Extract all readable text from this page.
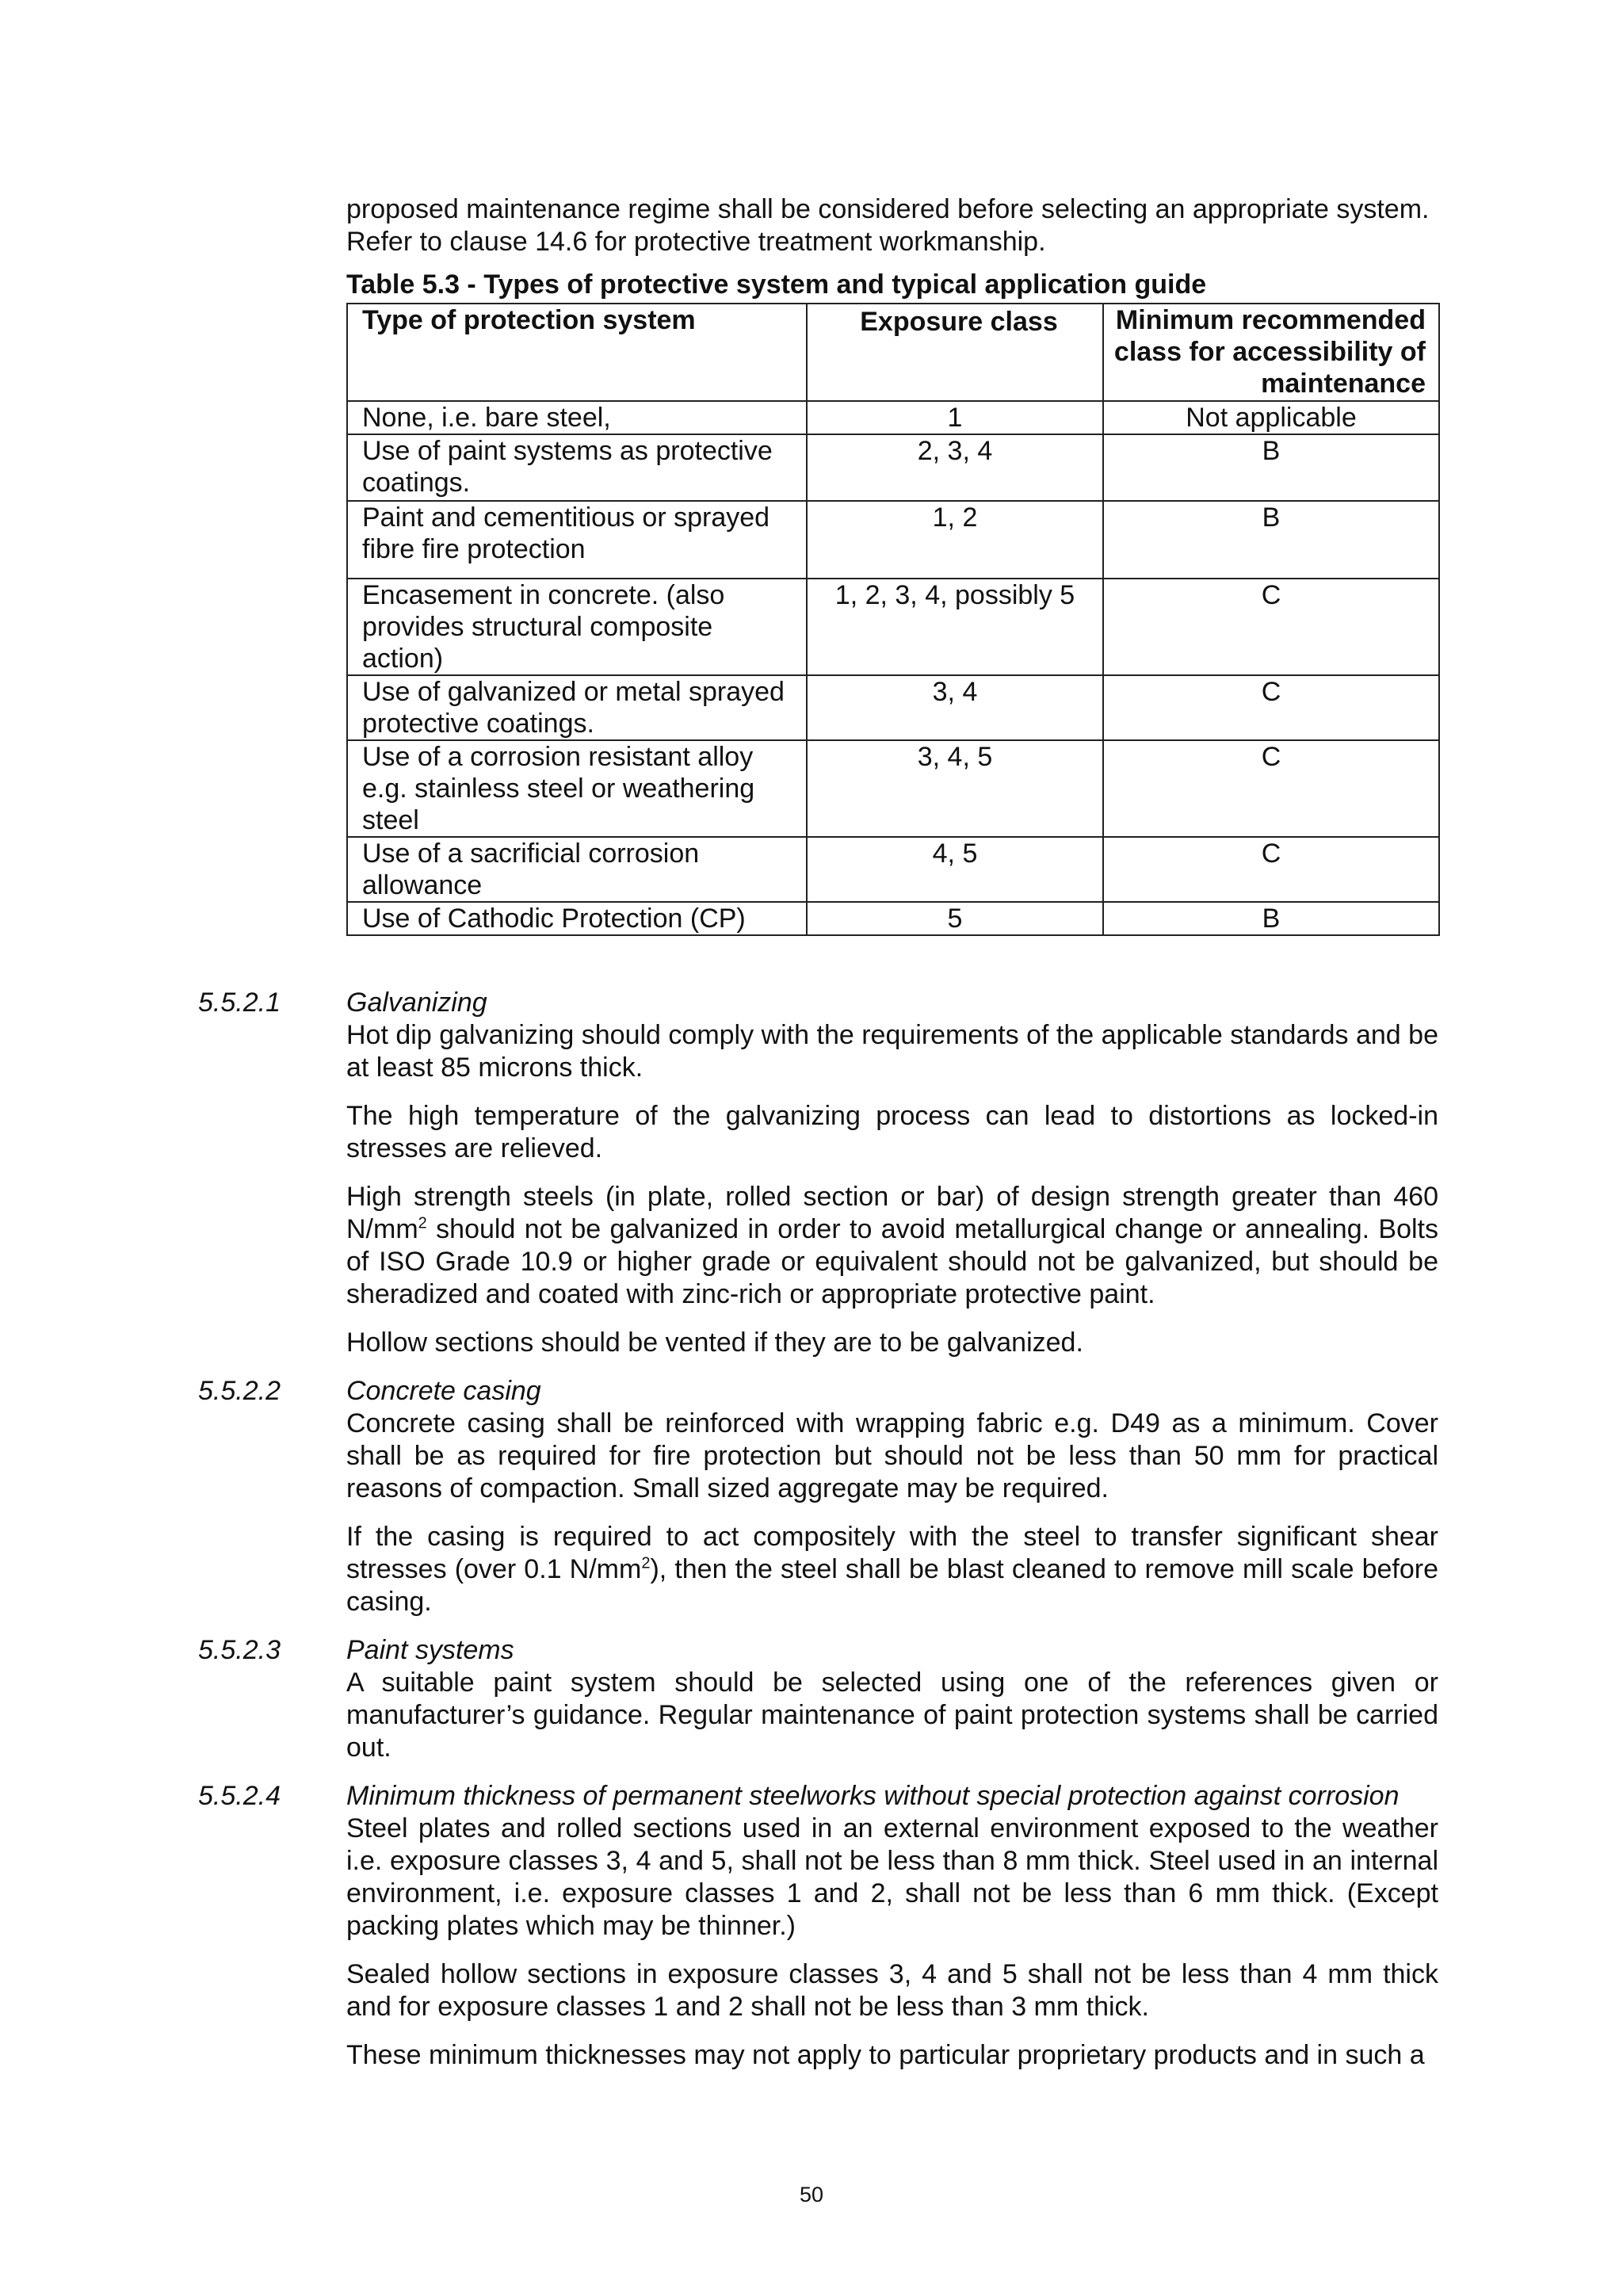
proposed maintenance regime shall be considered before selecting an appropriate system.
Refer to clause 14.6 for protective treatment workmanship.

Table 5.3 - Types of protective system and typical application guide
Type of protection system	Exposure class	Minimum recommended class for accessibility of maintenance
None, i.e. bare steel,	1	Not applicable
Use of paint systems as protective coatings.	2, 3, 4	B
Paint and cementitious or sprayed fibre fire protection	1, 2	B
Encasement in concrete. (also provides structural composite action)	1, 2, 3, 4, possibly 5	C
Use of galvanized or metal sprayed protective coatings.	3, 4	C
Use of a corrosion resistant alloy e.g. stainless steel or weathering steel	3, 4, 5	C
Use of a sacrificial corrosion allowance	4, 5	C
Use of Cathodic Protection (CP)	5	B
5.5.2.1 Galvanizing

Hot dip galvanizing should comply with the requirements of the applicable standards and be at least 85 microns thick.

The high temperature of the galvanizing process can lead to distortions as locked-in stresses are relieved.

High strength steels (in plate, rolled section or bar) of design strength greater than 460 $N/mm^2$ should not be galvanized in order to avoid metallurgical change or annealing. Bolts of ISO Grade 10.9 or higher grade or equivalent should not be galvanized, but should be sheradized and coated with zinc-rich or appropriate protective paint.

Hollow sections should be vented if they are to be galvanized.

5.5.2.2 Concrete casing

Concrete casing shall be reinforced with wrapping fabric e.g. D49 as a minimum. Cover shall be as required for fire protection but should not be less than 50 mm for practical reasons of compaction. Small sized aggregate may be required.

If the casing is required to act compositely with the steel to transfer significant shear stresses (over 0.1 $N/mm^2$), then the steel shall be blast cleaned to remove mill scale before casing.

5.5.2.3 Paint systems

A suitable paint system should be selected using one of the references given or manufacturer’s guidance. Regular maintenance of paint protection systems shall be carried out.

5.5.2.4 Minimum thickness of permanent steelworks without special protection against corrosion

Steel plates and rolled sections used in an external environment exposed to the weather i.e. exposure classes 3, 4 and 5, shall not be less than 8 mm thick. Steel used in an internal environment, i.e. exposure classes 1 and 2, shall not be less than 6 mm thick. (Except packing plates which may be thinner.)

Sealed hollow sections in exposure classes 3, 4 and 5 shall not be less than 4 mm thick and for exposure classes 1 and 2 shall not be less than 3 mm thick.

These minimum thicknesses may not apply to particular proprietary products and in such a

50
